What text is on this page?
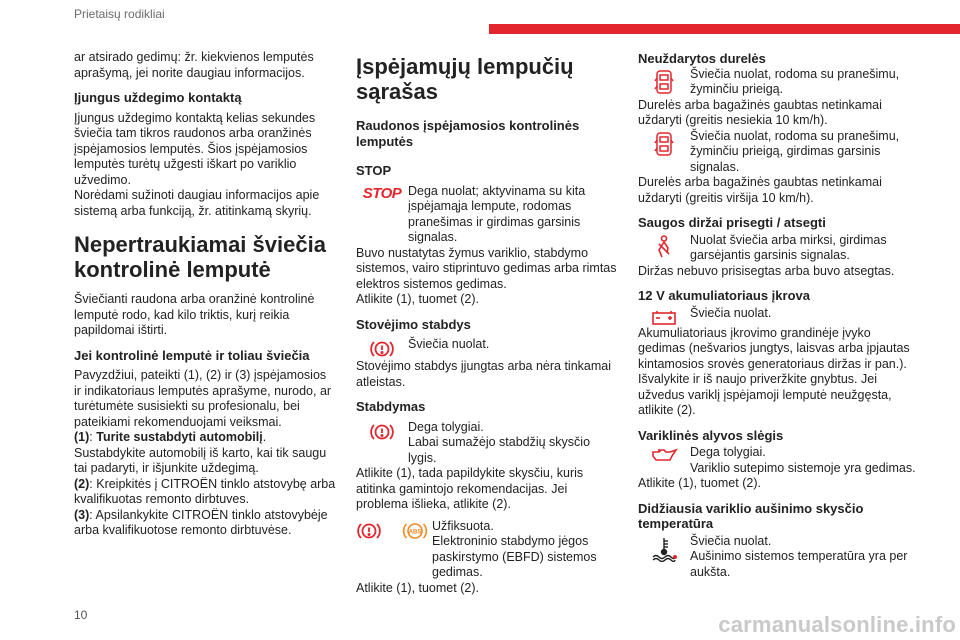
Prietaisų rodikliai

ar atsirado gedimų: žr. kiekvienos lemputės aprašymą, jei norite daugiau informacijos.

Įjungus uždegimo kontaktą

Įjungus uždegimo kontaktą kelias sekundes šviečia tam tikros raudonos arba oranžinės įspėjamosios lemputės. Šios įspėjamosios lemputės turėtų užgesti iškart po variklio užvedimo.

Norėdami sužinoti daugiau informacijos apie sistemą arba funkciją, žr. atitinkamą skyrių.

Nepertraukiamai šviečia kontrolinė lemputė

Šviečianti raudona arba oranžinė kontrolinė lemputė rodo, kad kilo triktis, kurį reikia papildomai ištirti.

Jei kontrolinė lemputė ir toliau šviečia

Pavyzdžiui, pateikti (1), (2) ir (3) įspėjamosios ir indikatoriaus lemputės aprašyme, nurodo, ar turėtumėte susisiekti su profesionalu, bei pateikiami rekomenduojami veiksmai.

(1): Turite sustabdyti automobilį.

Sustabdykite automobilį iš karto, kai tik saugu tai padaryti, ir išjunkite uždegimą.

(2): Kreipkitės į CITROËN tinklo atstovybę arba kvalifikuotas remonto dirbtuves.

(3): Apsilankykite CITROËN tinklo atstovybėje arba kvalifikuotose remonto dirbtuvėse.

Įspėjamųjų lempučių sąrašas

Raudonos įspėjamosios kontrolinės lemputės

STOP

STOP Dega nuolat; aktyvinama su kita įspėjamąja lempute, rodomas pranešimas ir girdimas garsinis signalas.

Buvo nustatytas žymus variklio, stabdymo sistemos, vairo stiprintuvo gedimas arba rimtas elektros sistemos gedimas.

Atlikite (1), tuomet (2).

Stovėjimo stabdys

Šviečia nuolat.

Stovėjimo stabdys įjungtas arba nėra tinkamai atleistas.

Stabdymas

Dega tolygiai.

Labai sumažėjo stabdžių skysčio lygis.

Atlikite (1), tada papildykite skysčiu, kuris atitinka gamintojo rekomendacijas. Jei problema išlieka, atlikite (2).

ABS Užfiksuota.

Elektroninio stabdymo jėgos paskirstymo (EBFD) sistemos gedimas.

Atlikite (1), tuomet (2).

Neuždarytos durelės

Šviečia nuolat, rodoma su pranešimu, žyminčiu prieigą.

Durelės arba bagažinės gaubtas netinkamai uždaryti (greitis nesiekia 10 km/h).

Šviečia nuolat, rodoma su pranešimu, žyminčiu prieigą, girdimas garsinis signalas.

Durelės arba bagažinės gaubtas netinkamai uždaryti (greitis viršija 10 km/h).

Saugos diržai prisegti / atsegti

Nuolat šviečia arba mirksi, girdimas garsėjantis garsinis signalas.

Diržas nebuvo prisisegtas arba buvo atsegtas.

12 V akumuliatoriaus įkrova

Šviečia nuolat.

Akumuliatoriaus įkrovimo grandinėje įvyko gedimas (nešvarios jungtys, laisvas arba įpjautas kintamosios srovės generatoriaus diržas ir pan.).

Išvalykite ir iš naujo priveržkite gnybtus. Jei užvedus variklį įspėjamoji lemputė neužgęsta, atlikite (2).

Variklinės alyvos slėgis

Dega tolygiai.

Variklio sutepimo sistemoje yra gedimas.

Atlikite (1), tuomet (2).

Didžiausia variklio aušinimo skysčio temperatūra

Šviečia nuolat.

Aušinimo sistemos temperatūra yra per aukšta.

10	carmanualsonline.info
